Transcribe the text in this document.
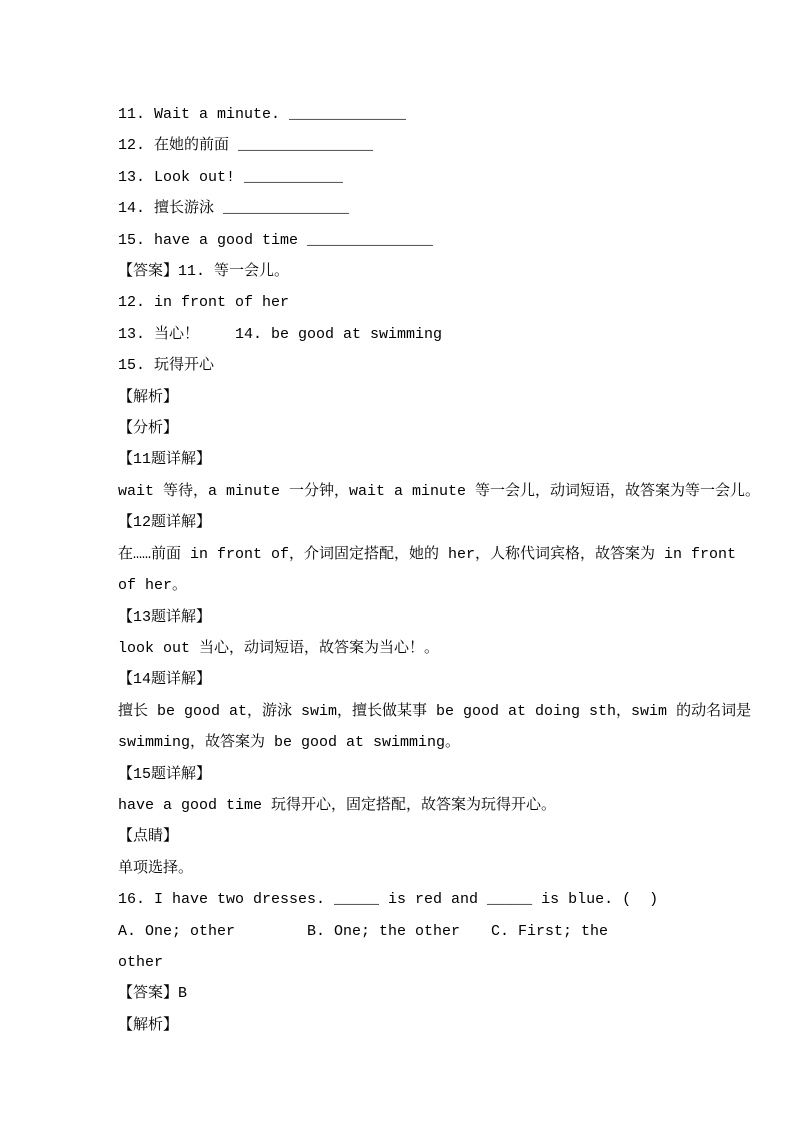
11. Wait a minute. _____________
12. 在她的前面 _______________
13. Look out! ___________
14. 擅长游泳 ______________
15. have a good time ______________
【答案】11. 等一会儿。
12. in front of her
13. 当心！    14. be good at swimming
15. 玩得开心
【解析】
【分析】
【11题详解】
wait 等待，a minute 一分钟，wait a minute 等一会儿，动词短语，故答案为等一会儿。
【12题详解】
在……前面 in front of，介词固定搭配，她的 her，人称代词宾格，故答案为 in front
of her。
【13题详解】
look out 当心，动词短语，故答案为当心！。
【14题详解】
擅长 be good at，游泳 swim，擅长做某事 be good at doing sth，swim 的动名词是
swimming，故答案为 be good at swimming。
【15题详解】
have a good time 玩得开心，固定搭配，故答案为玩得开心。
【点睛】
单项选择。
16. I have two dresses. _____ is red and _____ is blue. (  )
A. One; other	B. One; the other	C. First; the
other
【答案】B
【解析】
